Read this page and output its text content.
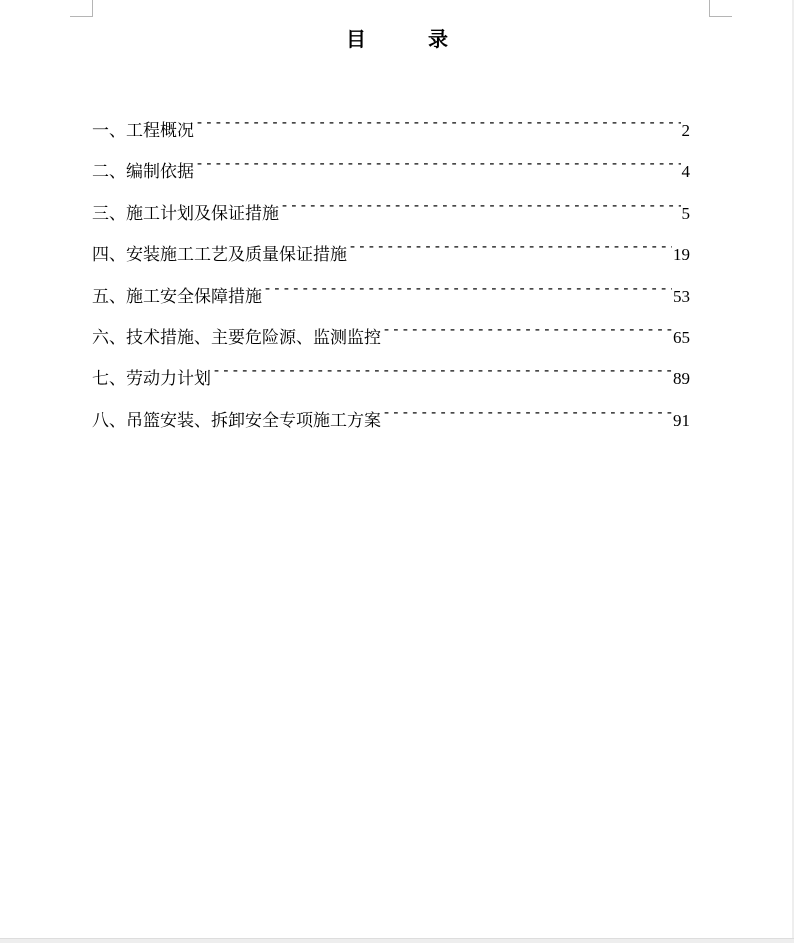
目	录
一、工程概况 -----	2
二、编制依据 -----	4
三、施工计划及保证措施 -----	5
四、安装施工工艺及质量保证措施 -----	19
五、施工安全保障措施 -----	53
六、技术措施、主要危险源、监测监控 -----	65
七、劳动力计划 -----	89
八、吊篮安装、拆卸安全专项施工方案 -----	91
